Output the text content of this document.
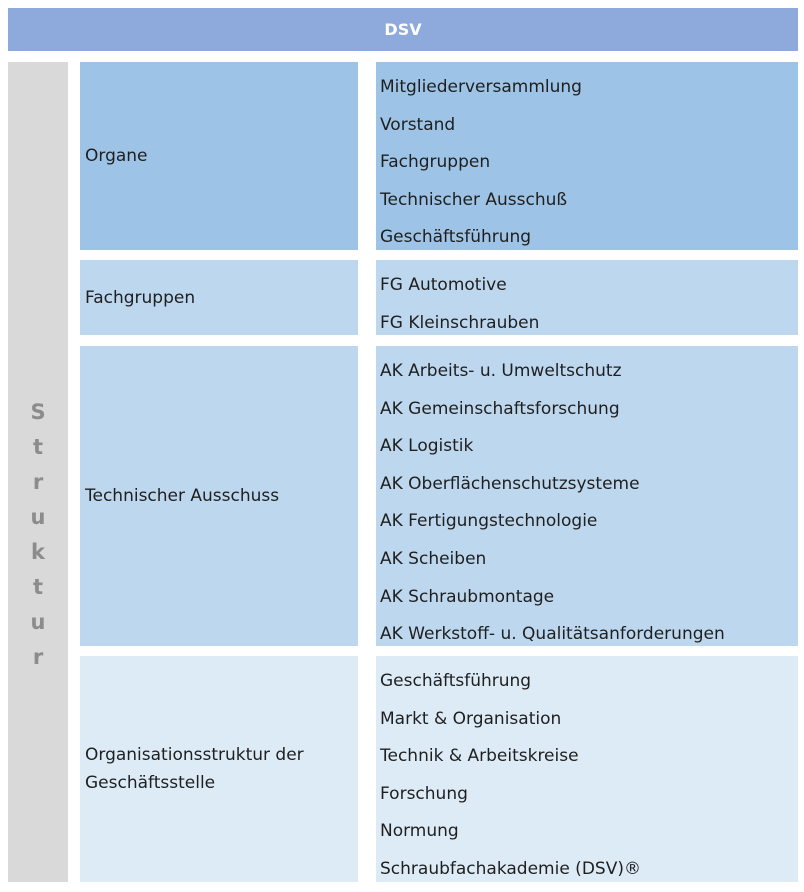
DSV
S
t
r
u
k
t
u
r
Organe
Mitgliederversammlung
Vorstand
Fachgruppen
Technischer Ausschuß
Geschäftsführung
Fachgruppen
FG Automotive
FG Kleinschrauben
Technischer Ausschuss
AK Arbeits- u. Umweltschutz
AK Gemeinschaftsforschung
AK Logistik
AK Oberflächenschutzsysteme
AK Fertigungstechnologie
AK Scheiben
AK Schraubmontage
AK Werkstoff- u. Qualitätsanforderungen
Organisationsstruktur der
Geschäftsstelle
Geschäftsführung
Markt & Organisation
Technik & Arbeitskreise
Forschung
Normung
Schraubfachakademie (DSV)®
